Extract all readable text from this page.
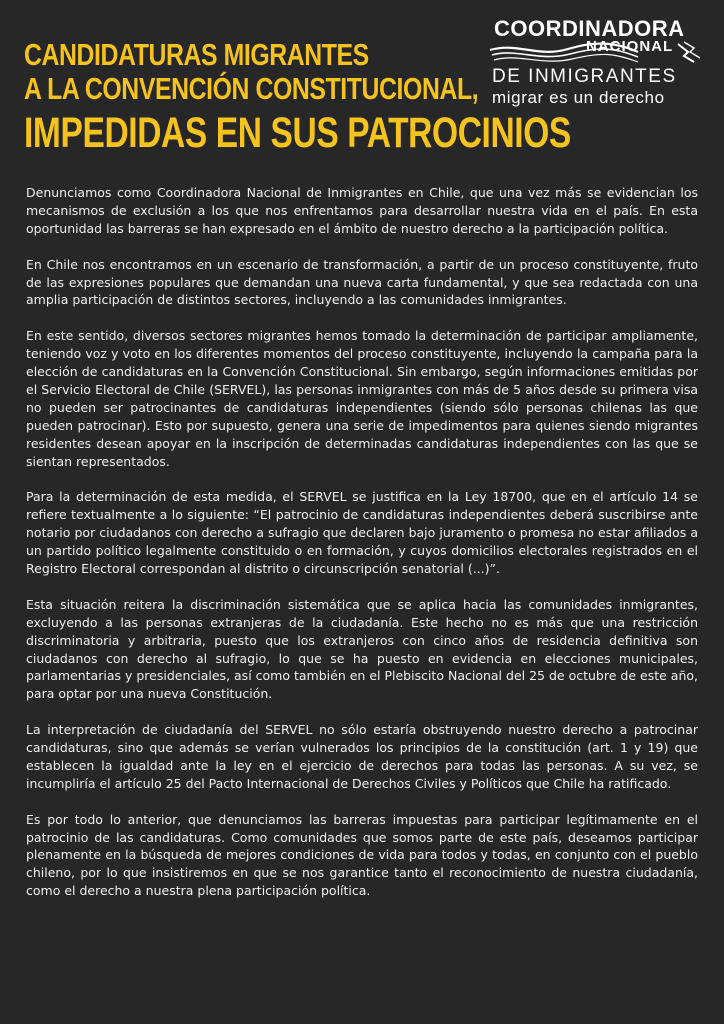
CANDIDATURAS MIGRANTES
A LA CONVENCIÓN CONSTITUCIONAL,
IMPEDIDAS EN SUS PATROCINIOS
COORDINADORA
NACIONAL
DE INMIGRANTES
migrar es un derecho

Denunciamos como Coordinadora Nacional de Inmigrantes en Chile, que una vez más se evidencian los mecanismos de exclusión a los que nos enfrentamos para desarrollar nuestra vida en el país. En esta oportunidad las barreras se han expresado en el ámbito de nuestro derecho a la participación política.

En Chile nos encontramos en un escenario de transformación, a partir de un proceso constituyente, fruto de las expresiones populares que demandan una nueva carta fundamental, y que sea redactada con una amplia participación de distintos sectores, incluyendo a las comunidades inmigrantes.

En este sentido, diversos sectores migrantes hemos tomado la determinación de participar ampliamente, teniendo voz y voto en los diferentes momentos del proceso constituyente, incluyendo la campaña para la elección de candidaturas en la Convención Constitucional. Sin embargo, según informaciones emitidas por el Servicio Electoral de Chile (SERVEL), las personas inmigrantes con más de 5 años desde su primera visa no pueden ser patrocinantes de candidaturas independientes (siendo sólo personas chilenas las que pueden patrocinar). Esto por supuesto, genera una serie de impedimentos para quienes siendo migrantes residentes desean apoyar en la inscripción de determinadas candidaturas independientes con las que se sientan representados.

Para la determinación de esta medida, el SERVEL se justifica en la Ley 18700, que en el artículo 14 se refiere textualmente a lo siguiente: “El patrocinio de candidaturas independientes deberá suscribirse ante notario por ciudadanos con derecho a sufragio que declaren bajo juramento o promesa no estar afiliados a un partido político legalmente constituido o en formación, y cuyos domicilios electorales registrados en el Registro Electoral correspondan al distrito o circunscripción senatorial (...)”.

Esta situación reitera la discriminación sistemática que se aplica hacia las comunidades inmigrantes, excluyendo a las personas extranjeras de la ciudadanía. Este hecho no es más que una restricción discriminatoria y arbitraria, puesto que los extranjeros con cinco años de residencia definitiva son ciudadanos con derecho al sufragio, lo que se ha puesto en evidencia en elecciones municipales, parlamentarias y presidenciales, así como también en el Plebiscito Nacional del 25 de octubre de este año, para optar por una nueva Constitución.

La interpretación de ciudadanía del SERVEL no sólo estaría obstruyendo nuestro derecho a patrocinar candidaturas, sino que además se verían vulnerados los principios de la constitución (art. 1 y 19) que establecen la igualdad ante la ley en el ejercicio de derechos para todas las personas. A su vez, se incumpliría el artículo 25 del Pacto Internacional de Derechos Civiles y Políticos que Chile ha ratificado.

Es por todo lo anterior, que denunciamos las barreras impuestas para participar legítimamente en el patrocinio de las candidaturas. Como comunidades que somos parte de este país, deseamos participar plenamente en la búsqueda de mejores condiciones de vida para todos y todas, en conjunto con el pueblo chileno, por lo que insistiremos en que se nos garantice tanto el reconocimiento de nuestra ciudadanía, como el derecho a nuestra plena participación política.
